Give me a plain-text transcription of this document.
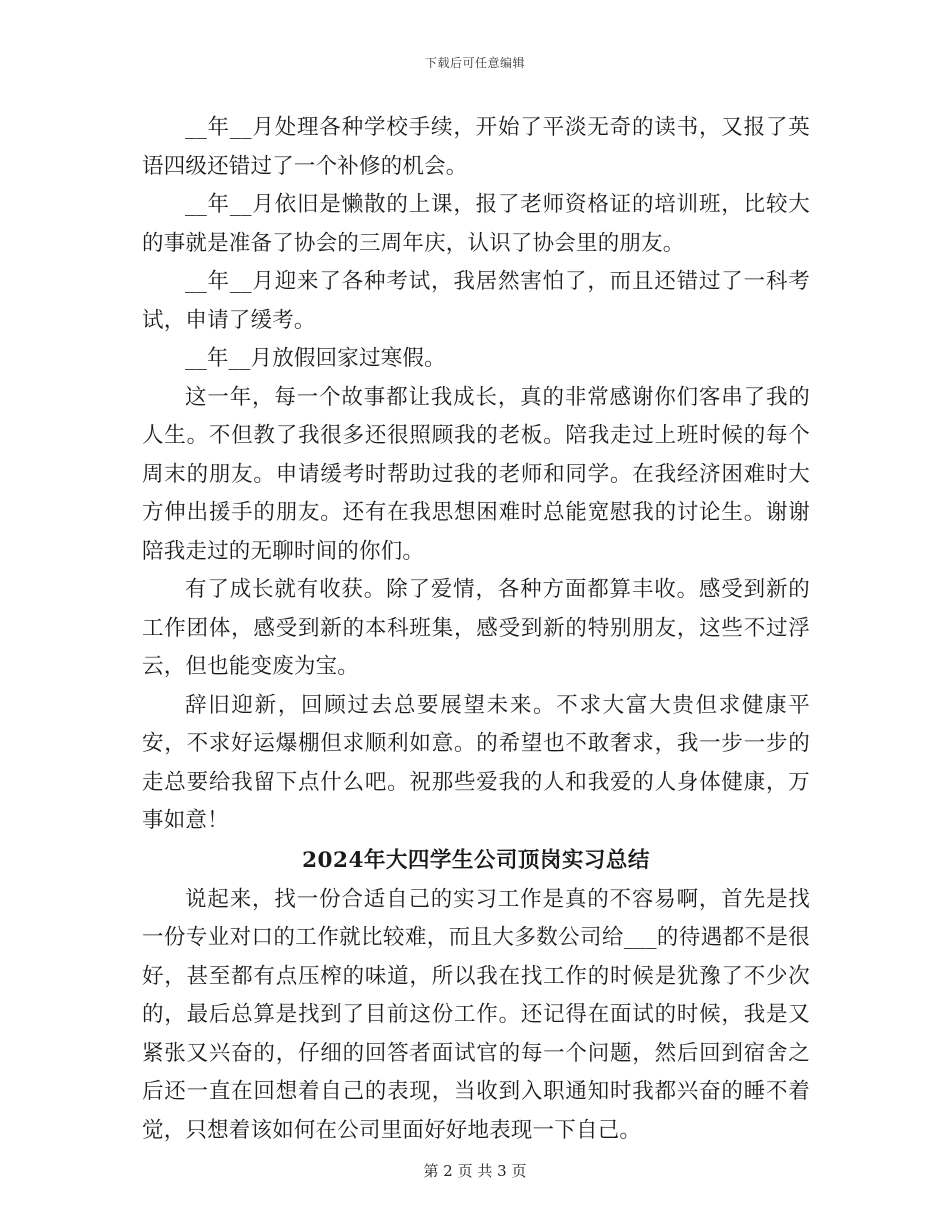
下载后可任意编辑

__年__月处理各种学校手续，开始了平淡无奇的读书，又报了英语四级还错过了一个补修的机会。

__年__月依旧是懒散的上课，报了老师资格证的培训班，比较大的事就是准备了协会的三周年庆，认识了协会里的朋友。

__年__月迎来了各种考试，我居然害怕了，而且还错过了一科考试，申请了缓考。

__年__月放假回家过寒假。

这一年，每一个故事都让我成长，真的非常感谢你们客串了我的人生。不但教了我很多还很照顾我的老板。陪我走过上班时候的每个周末的朋友。申请缓考时帮助过我的老师和同学。在我经济困难时大方伸出援手的朋友。还有在我思想困难时总能宽慰我的讨论生。谢谢陪我走过的无聊时间的你们。

有了成长就有收获。除了爱情，各种方面都算丰收。感受到新的工作团体，感受到新的本科班集，感受到新的特别朋友，这些不过浮云，但也能变废为宝。

辞旧迎新，回顾过去总要展望未来。不求大富大贵但求健康平安，不求好运爆棚但求顺利如意。的希望也不敢奢求，我一步一步的走总要给我留下点什么吧。祝那些爱我的人和我爱的人身体健康，万事如意！

2024年大四学生公司顶岗实习总结

说起来，找一份合适自己的实习工作是真的不容易啊，首先是找一份专业对口的工作就比较难，而且大多数公司给___的待遇都不是很好，甚至都有点压榨的味道，所以我在找工作的时候是犹豫了不少次的，最后总算是找到了目前这份工作。还记得在面试的时候，我是又紧张又兴奋的，仔细的回答者面试官的每一个问题，然后回到宿舍之后还一直在回想着自己的表现，当收到入职通知时我都兴奋的睡不着觉，只想着该如何在公司里面好好地表现一下自己。

第 2 页 共 3 页
